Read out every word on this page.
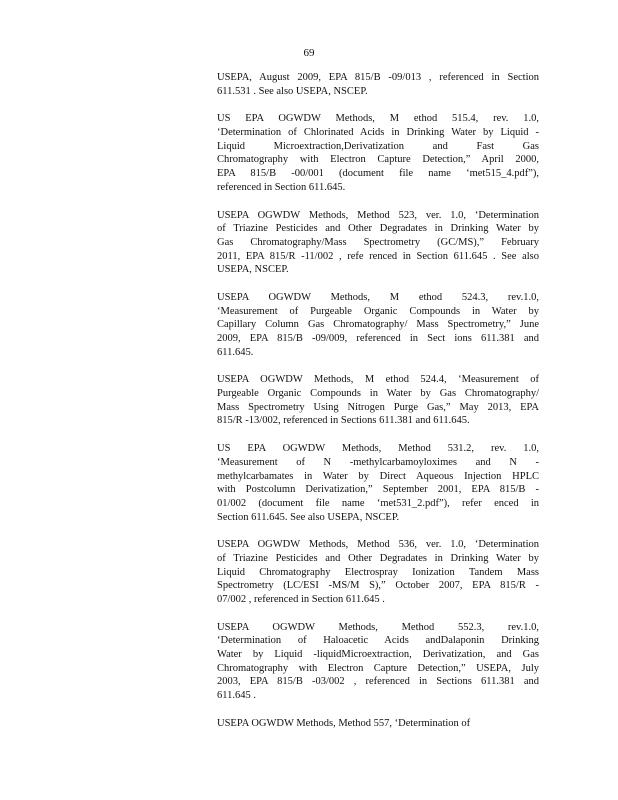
69
USEPA, August 2009, EPA 815/B -09/013 , referenced in Section
611.531 . See also USEPA, NSCEP.
US EPA OGWDW Methods, M ethod 515.4, rev. 1.0,
‘Determination of Chlorinated Acids in Drinking Water by Liquid -
Liquid Microextraction,Derivatization and Fast Gas
Chromatography with Electron Capture Detection,” April 2000,
EPA 815/B -00/001 (document file name ‘met515_4.pdf”),
referenced in Section 611.645.
USEPA OGWDW Methods, Method 523, ver. 1.0, ‘Determination
of Triazine Pesticides and Other Degradates in Drinking Water by
Gas Chromatography/Mass Spectrometry (GC/MS),” February
2011, EPA 815/R -11/002 , refe renced in Section 611.645 . See also
USEPA, NSCEP.
USEPA OGWDW Methods, M ethod 524.3, rev.1.0,
‘Measurement of Purgeable Organic Compounds in Water by
Capillary Column Gas Chromatography/ Mass Spectrometry,” June
2009, EPA 815/B -09/009, referenced in Sect ions 611.381 and
611.645.
USEPA OGWDW Methods, M ethod 524.4, ‘Measurement of
Purgeable Organic Compounds in Water by Gas Chromatography/
Mass Spectrometry Using Nitrogen Purge Gas,” May 2013, EPA
815/R -13/002, referenced in Sections 611.381 and 611.645.
US EPA OGWDW Methods, Method 531.2, rev. 1.0,
‘Measurement of N -methylcarbamoyloximes and N -
methylcarbamates in Water by Direct Aqueous Injection HPLC
with Postcolumn Derivatization,” September 2001, EPA 815/B -
01/002 (document file name ‘met531_2.pdf”), refer enced in
Section 611.645. See also USEPA, NSCEP.
USEPA OGWDW Methods, Method 536, ver. 1.0, ‘Determination
of Triazine Pesticides and Other Degradates in Drinking Water by
Liquid Chromatography Electrospray Ionization Tandem Mass
Spectrometry (LC/ESI -MS/M S),” October 2007, EPA 815/R -
07/002 , referenced in Section 611.645 .
USEPA OGWDW Methods, Method 552.3, rev.1.0,
‘Determination of Haloacetic Acids andDalaponin Drinking
Water by Liquid -liquidMicroextraction, Derivatization, and Gas
Chromatography with Electron Capture Detection,” USEPA, July
2003, EPA 815/B -03/002 , referenced in Sections 611.381 and
611.645 .
USEPA OGWDW Methods, Method 557, ‘Determination of
